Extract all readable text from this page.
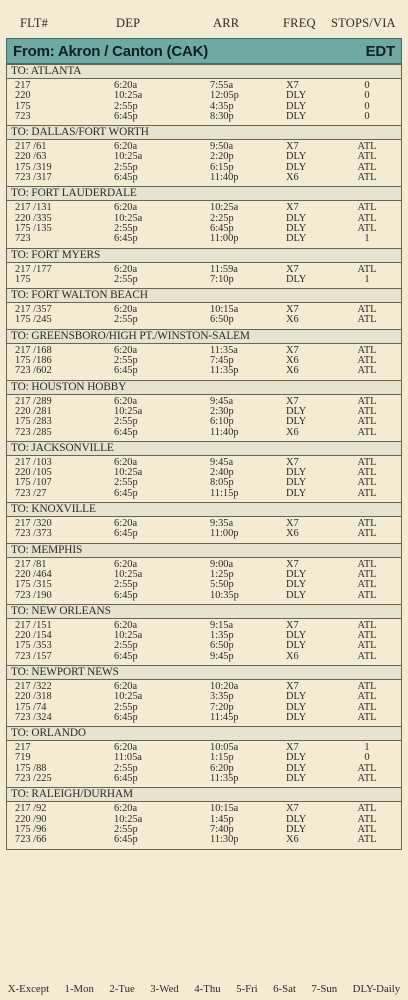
FLT#	DEP	ARR	FREQ STOPS/VIA
From: Akron / Canton (CAK)	EDT
TO: ATLANTA
217	6:20a	7:55a	X7	0
220	10:25a	12:05p	DLY	0
175	2:55p	4:35p	DLY	0
723	6:45p	8:30p	DLY	0
TO: DALLAS/FORT WORTH
217 /61	6:20a	9:50a	X7	ATL
220 /63	10:25a	2:20p	DLY	ATL
175 /319	2:55p	6:15p	DLY	ATL
723 /317	6:45p	11:40p	X6	ATL
TO: FORT LAUDERDALE
217 /131	6:20a	10:25a	X7	ATL
220 /335	10:25a	2:25p	DLY	ATL
175 /135	2:55p	6:45p	DLY	ATL
723	6:45p	11:00p	DLY	1
TO: FORT MYERS
217 /177	6:20a	11:59a	X7	ATL
175	2:55p	7:10p	DLY	1
TO: FORT WALTON BEACH
217 /357	6:20a	10:15a	X7	ATL
175 /245	2:55p	6:50p	X6	ATL
TO: GREENSBORO/HIGH PT./WINSTON-SALEM
217 /168	6:20a	11:35a	X7	ATL
175 /186	2:55p	7:45p	X6	ATL
723 /602	6:45p	11:35p	X6	ATL
TO: HOUSTON HOBBY
217 /289	6:20a	9:45a	X7	ATL
220 /281	10:25a	2:30p	DLY	ATL
175 /283	2:55p	6:10p	DLY	ATL
723 /285	6:45p	11:40p	X6	ATL
TO: JACKSONVILLE
217 /103	6:20a	9:45a	X7	ATL
220 /105	10:25a	2:40p	DLY	ATL
175 /107	2:55p	8:05p	DLY	ATL
723 /27	6:45p	11:15p	DLY	ATL
TO: KNOXVILLE
217 /320	6:20a	9:35a	X7	ATL
723 /373	6:45p	11:00p	X6	ATL
TO: MEMPHIS
217 /81	6:20a	9:00a	X7	ATL
220 /464	10:25a	1:25p	DLY	ATL
175 /315	2:55p	5:50p	DLY	ATL
723 /190	6:45p	10:35p	DLY	ATL
TO: NEW ORLEANS
217 /151	6:20a	9:15a	X7	ATL
220 /154	10:25a	1:35p	DLY	ATL
175 /353	2:55p	6:50p	DLY	ATL
723 /157	6:45p	9:45p	X6	ATL
TO: NEWPORT NEWS
217 /322	6:20a	10:20a	X7	ATL
220 /318	10:25a	3:35p	DLY	ATL
175 /74	2:55p	7:20p	DLY	ATL
723 /324	6:45p	11:45p	DLY	ATL
TO: ORLANDO
217	6:20a	10:05a	X7	1
719	11:05a	1:15p	DLY	0
175 /88	2:55p	6:20p	DLY	ATL
723 /225	6:45p	11:35p	DLY	ATL
TO: RALEIGH/DURHAM
217 /92	6:20a	10:15a	X7	ATL
220 /90	10:25a	1:45p	DLY	ATL
175 /96	2:55p	7:40p	DLY	ATL
723 /66	6:45p	11:30p	X6	ATL
X-Except 1-Mon 2-Tue 3-Wed 4-Thu 5-Fri 6-Sat 7-Sun DLY-Daily
